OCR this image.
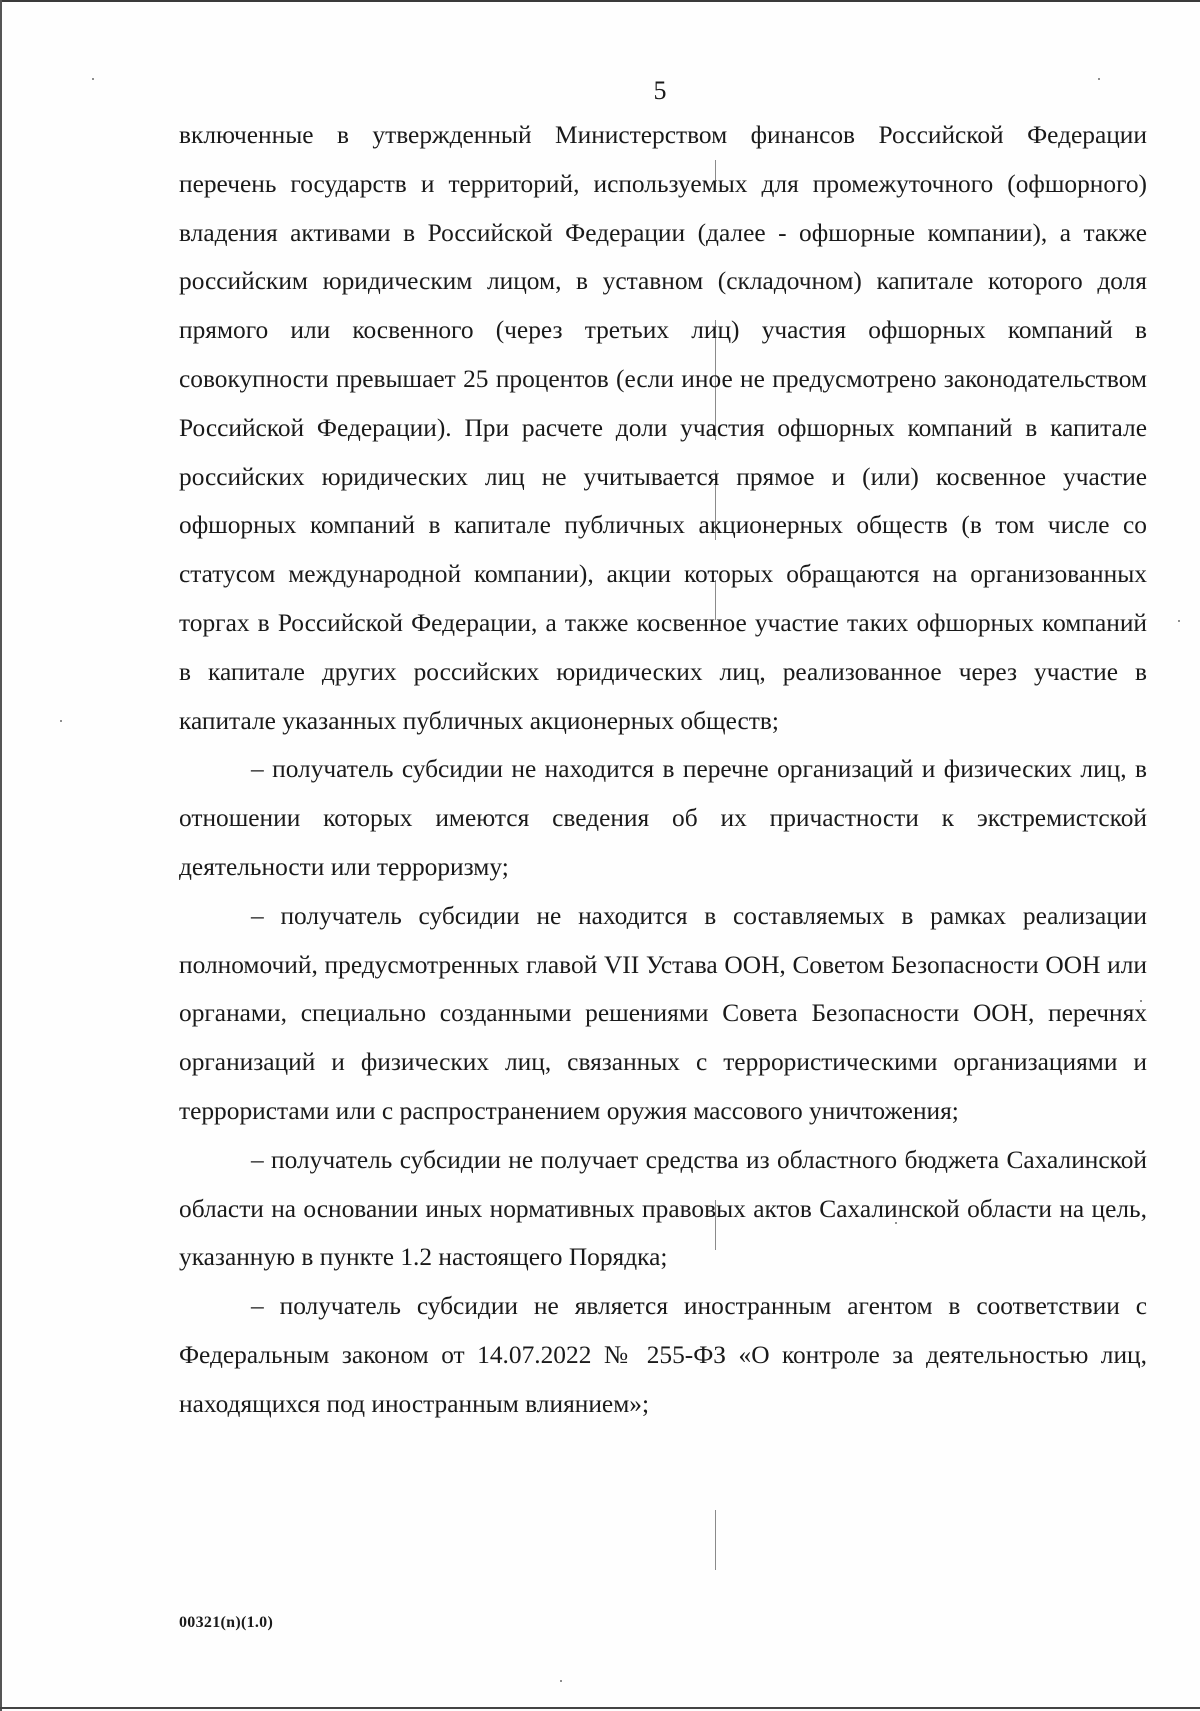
5

включенные в утвержденный Министерством финансов Российской Федерации перечень государств и территорий, используемых для промежуточного (офшорного) владения активами в Российской Федерации (далее - офшорные компании), а также российским юридическим лицом, в уставном (складочном) капитале которого доля прямого или косвенного (через третьих лиц) участия офшорных компаний в совокупности превышает 25 процентов (если иное не предусмотрено законодательством Российской Федерации). При расчете доли участия офшорных компаний в капитале российских юридических лиц не учитывается прямое и (или) косвенное участие офшорных компаний в капитале публичных акционерных обществ (в том числе со статусом международной компании), акции которых обращаются на организованных торгах в Российской Федерации, а также косвенное участие таких офшорных компаний в капитале других российских юридических лиц, реализованное через участие в капитале указанных публичных акционерных обществ;

– получатель субсидии не находится в перечне организаций и физических лиц, в отношении которых имеются сведения об их причастности к экстремистской деятельности или терроризму;

– получатель субсидии не находится в составляемых в рамках реализации полномочий, предусмотренных главой VII Устава ООН, Советом Безопасности ООН или органами, специально созданными решениями Совета Безопасности ООН, перечнях организаций и физических лиц, связанных с террористическими организациями и террористами или с распространением оружия массового уничтожения;

– получатель субсидии не получает средства из областного бюджета Сахалинской области на основании иных нормативных правовых актов Сахалинской области на цель, указанную в пункте 1.2 настоящего Порядка;

– получатель субсидии не является иностранным агентом в соответствии с Федеральным законом от 14.07.2022 № 255-ФЗ «О контроле за деятельностью лиц, находящихся под иностранным влиянием»;

00321(n)(1.0)
